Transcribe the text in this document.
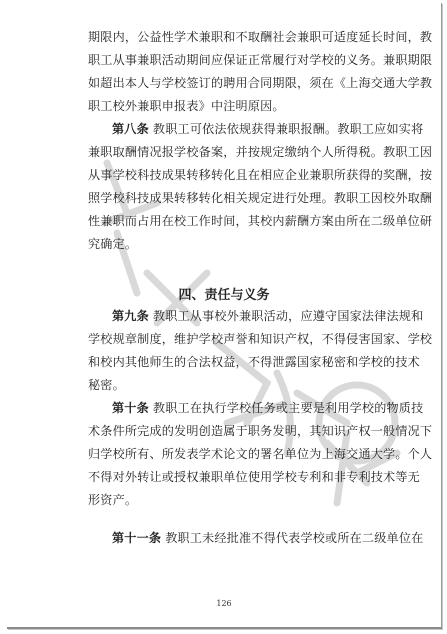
期限内，公益性学术兼职和不取酬社会兼职可适度延长时间，教
职工从事兼职活动期间应保证正常履行对学校的义务。兼职期限
如超出本人与学校签订的聘用合同期限，须在《上海交通大学教
职工校外兼职申报表》中注明原因。
第八条 教职工可依法依规获得兼职报酬。教职工应如实将
兼职取酬情况报学校备案，并按规定缴纳个人所得税。教职工因
从事学校科技成果转移转化且在相应企业兼职所获得的奖酬，按
照学校科技成果转移转化相关规定进行处理。教职工因校外取酬
性兼职而占用在校工作时间，其校内薪酬方案由所在二级单位研
究确定。
四、责任与义务
第九条 教职工从事校外兼职活动，应遵守国家法律法规和
学校规章制度，维护学校声誉和知识产权，不得侵害国家、学校
和校内其他师生的合法权益，不得泄露国家秘密和学校的技术
秘密。
第十条 教职工在执行学校任务或主要是利用学校的物质技
术条件所完成的发明创造属于职务发明，其知识产权一般情况下
归学校所有、所发表学术论文的署名单位为上海交通大学。个人
不得对外转让或授权兼职单位使用学校专利和非专利技术等无
形资产。
第十一条 教职工未经批准不得代表学校或所在二级单位在
126
